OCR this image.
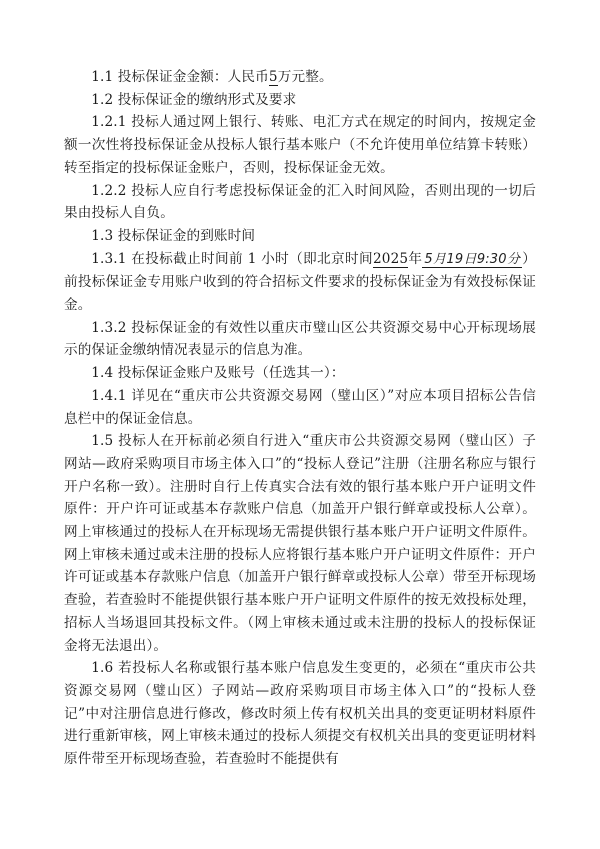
1.1 投标保证金金额：人民币5万元整。

1.2 投标保证金的缴纳形式及要求

1.2.1 投标人通过网上银行、转账、电汇方式在规定的时间内，按规定金额一次性将投标保证金从投标人银行基本账户（不允许使用单位结算卡转账）转至指定的投标保证金账户，否则，投标保证金无效。

1.2.2 投标人应自行考虑投标保证金的汇入时间风险，否则出现的一切后果由投标人自负。

1.3 投标保证金的到账时间

1.3.1 在投标截止时间前 1 小时（即北京时间2025年 5月19日9:30分 ）前投标保证金专用账户收到的符合招标文件要求的投标保证金为有效投标保证金。

1.3.2 投标保证金的有效性以重庆市璧山区公共资源交易中心开标现场展示的保证金缴纳情况表显示的信息为准。

1.4 投标保证金账户及账号（任选其一）：

1.4.1 详见在“重庆市公共资源交易网（璧山区）”对应本项目招标公告信息栏中的保证金信息。

1.5 投标人在开标前必须自行进入“重庆市公共资源交易网（璧山区）子网站—政府采购项目市场主体入口”的“投标人登记”注册（注册名称应与银行开户名称一致）。注册时自行上传真实合法有效的银行基本账户开户证明文件原件：开户许可证或基本存款账户信息（加盖开户银行鲜章或投标人公章）。网上审核通过的投标人在开标现场无需提供银行基本账户开户证明文件原件。网上审核未通过或未注册的投标人应将银行基本账户开户证明文件原件：开户许可证或基本存款账户信息（加盖开户银行鲜章或投标人公章）带至开标现场查验，若查验时不能提供银行基本账户开户证明文件原件的按无效投标处理，招标人当场退回其投标文件。（网上审核未通过或未注册的投标人的投标保证金将无法退出）。

1.6 若投标人名称或银行基本账户信息发生变更的，必须在“重庆市公共资源交易网（璧山区）子网站—政府采购项目市场主体入口”的“投标人登记”中对注册信息进行修改，修改时须上传有权机关出具的变更证明材料原件进行重新审核，网上审核未通过的投标人须提交有权机关出具的变更证明材料原件带至开标现场查验，若查验时不能提供有
